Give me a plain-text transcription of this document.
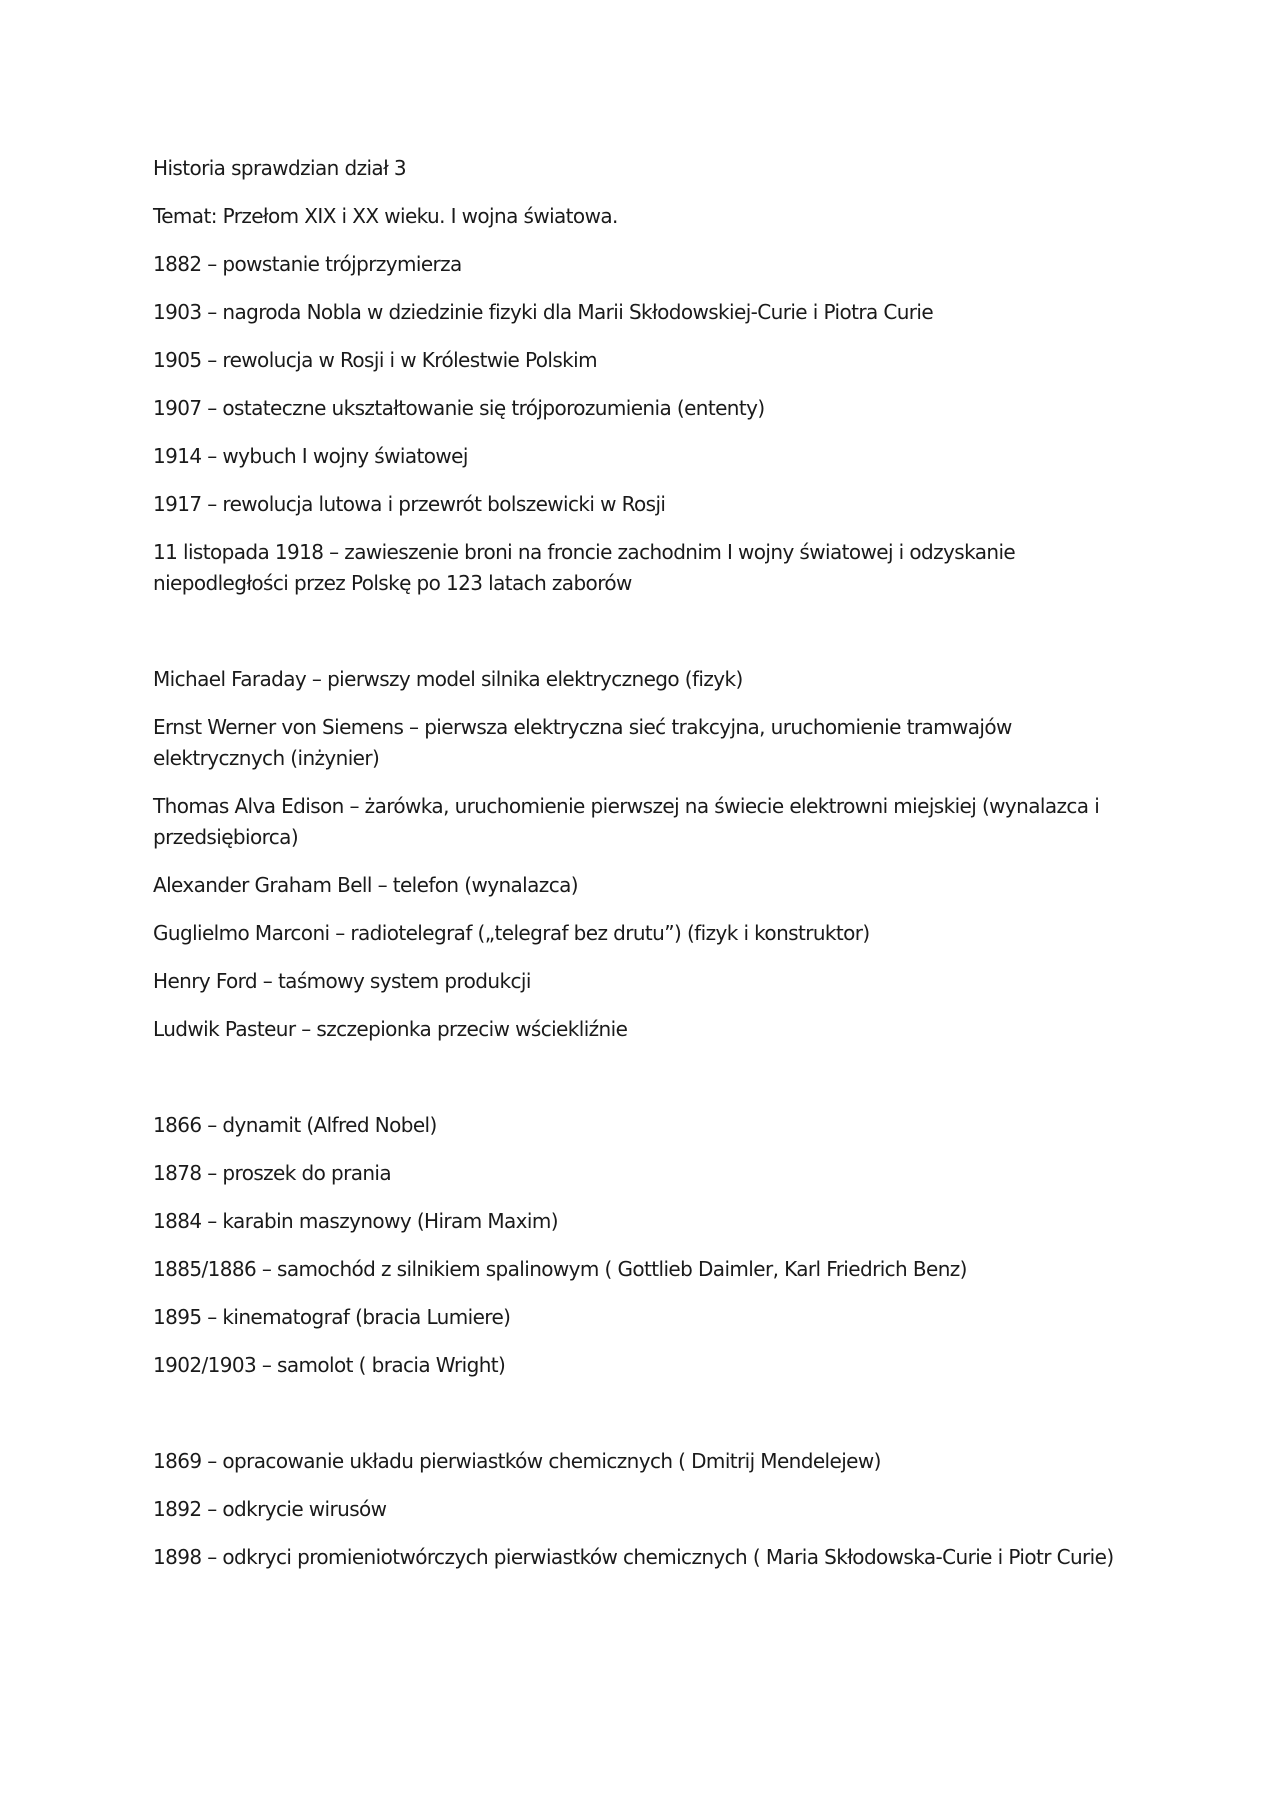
Historia sprawdzian dział 3

Temat: Przełom XIX i XX wieku. I wojna światowa.

1882 – powstanie trójprzymierza

1903 – nagroda Nobla w dziedzinie fizyki dla Marii Skłodowskiej-Curie i Piotra Curie

1905 – rewolucja w Rosji i w Królestwie Polskim

1907 – ostateczne ukształtowanie się trójporozumienia (ententy)

1914 – wybuch I wojny światowej

1917 – rewolucja lutowa i przewrót bolszewicki w Rosji

11 listopada 1918 – zawieszenie broni na froncie zachodnim I wojny światowej i odzyskanie niepodległości przez Polskę po 123 latach zaborów

Michael Faraday – pierwszy model silnika elektrycznego (fizyk)

Ernst Werner von Siemens – pierwsza elektryczna sieć trakcyjna, uruchomienie tramwajów elektrycznych (inżynier)

Thomas Alva Edison – żarówka, uruchomienie pierwszej na świecie elektrowni miejskiej (wynalazca i przedsiębiorca)

Alexander Graham Bell – telefon (wynalazca)

Guglielmo Marconi – radiotelegraf („telegraf bez drutu”) (fizyk i konstruktor)

Henry Ford – taśmowy system produkcji

Ludwik Pasteur – szczepionka przeciw wściekliźnie

1866 – dynamit (Alfred Nobel)

1878 – proszek do prania

1884 – karabin maszynowy (Hiram Maxim)

1885/1886 – samochód z silnikiem spalinowym ( Gottlieb Daimler, Karl Friedrich Benz)

1895 – kinematograf (bracia Lumiere)

1902/1903 – samolot ( bracia Wright)

1869 – opracowanie układu pierwiastków chemicznych ( Dmitrij Mendelejew)

1892 – odkrycie wirusów

1898 – odkryci promieniotwórczych pierwiastków chemicznych ( Maria Skłodowska-Curie i Piotr Curie)
